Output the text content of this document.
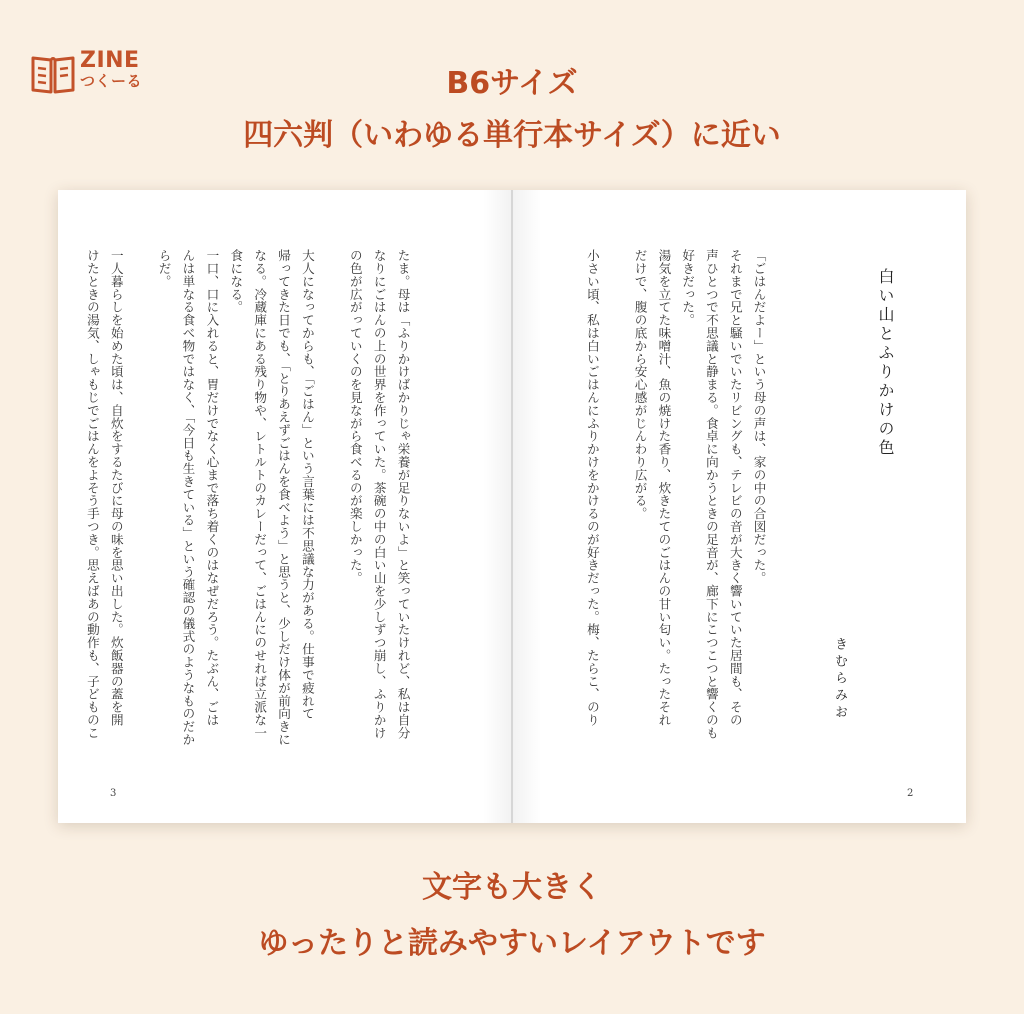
ZINE
つくーる	B6サイズ
四六判（いわゆる単行本サイズ）に近い
白い山とふりかけの色
きむらみお
2
「ごはんだよー」という母の声は、家の中の合図だった。
それまで兄と騒いでいたリビングも、テレビの音が大きく響いていた居間も、その
声ひとつで不思議と静まる。食卓に向かうときの足音が、廊下にこつこつと響くのも
好きだった。
湯気を立てた味噌汁、魚の焼けた香り、炊きたてのごはんの甘い匂い。たったそれ
だけで、腹の底から安心感がじんわり広がる。
小さい頃、私は白いごはんにふりかけをかけるのが好きだった。梅、たらこ、のり
3
たま。母は「ふりかけばかりじゃ栄養が足りないよ」と笑っていたけれど、私は自分
なりにごはんの上の世界を作っていた。茶碗の中の白い山を少しずつ崩し、ふりかけ
の色が広がっていくのを見ながら食べるのが楽しかった。
大人になってからも、「ごはん」という言葉には不思議な力がある。仕事で疲れて
帰ってきた日でも、「とりあえずごはんを食べよう」と思うと、少しだけ体が前向きに
なる。冷蔵庫にある残り物や、レトルトのカレーだって、ごはんにのせれば立派な一
食になる。
一口、口に入れると、胃だけでなく心まで落ち着くのはなぜだろう。たぶん、ごは
んは単なる食べ物ではなく、「今日も生きている」という確認の儀式のようなものだか
らだ。
一人暮らしを始めた頃は、自炊をするたびに母の味を思い出した。炊飯器の蓋を開
けたときの湯気、しゃもじでごはんをよそう手つき。思えばあの動作も、子どものこ
文字も大きく
ゆったりと読みやすいレイアウトです
